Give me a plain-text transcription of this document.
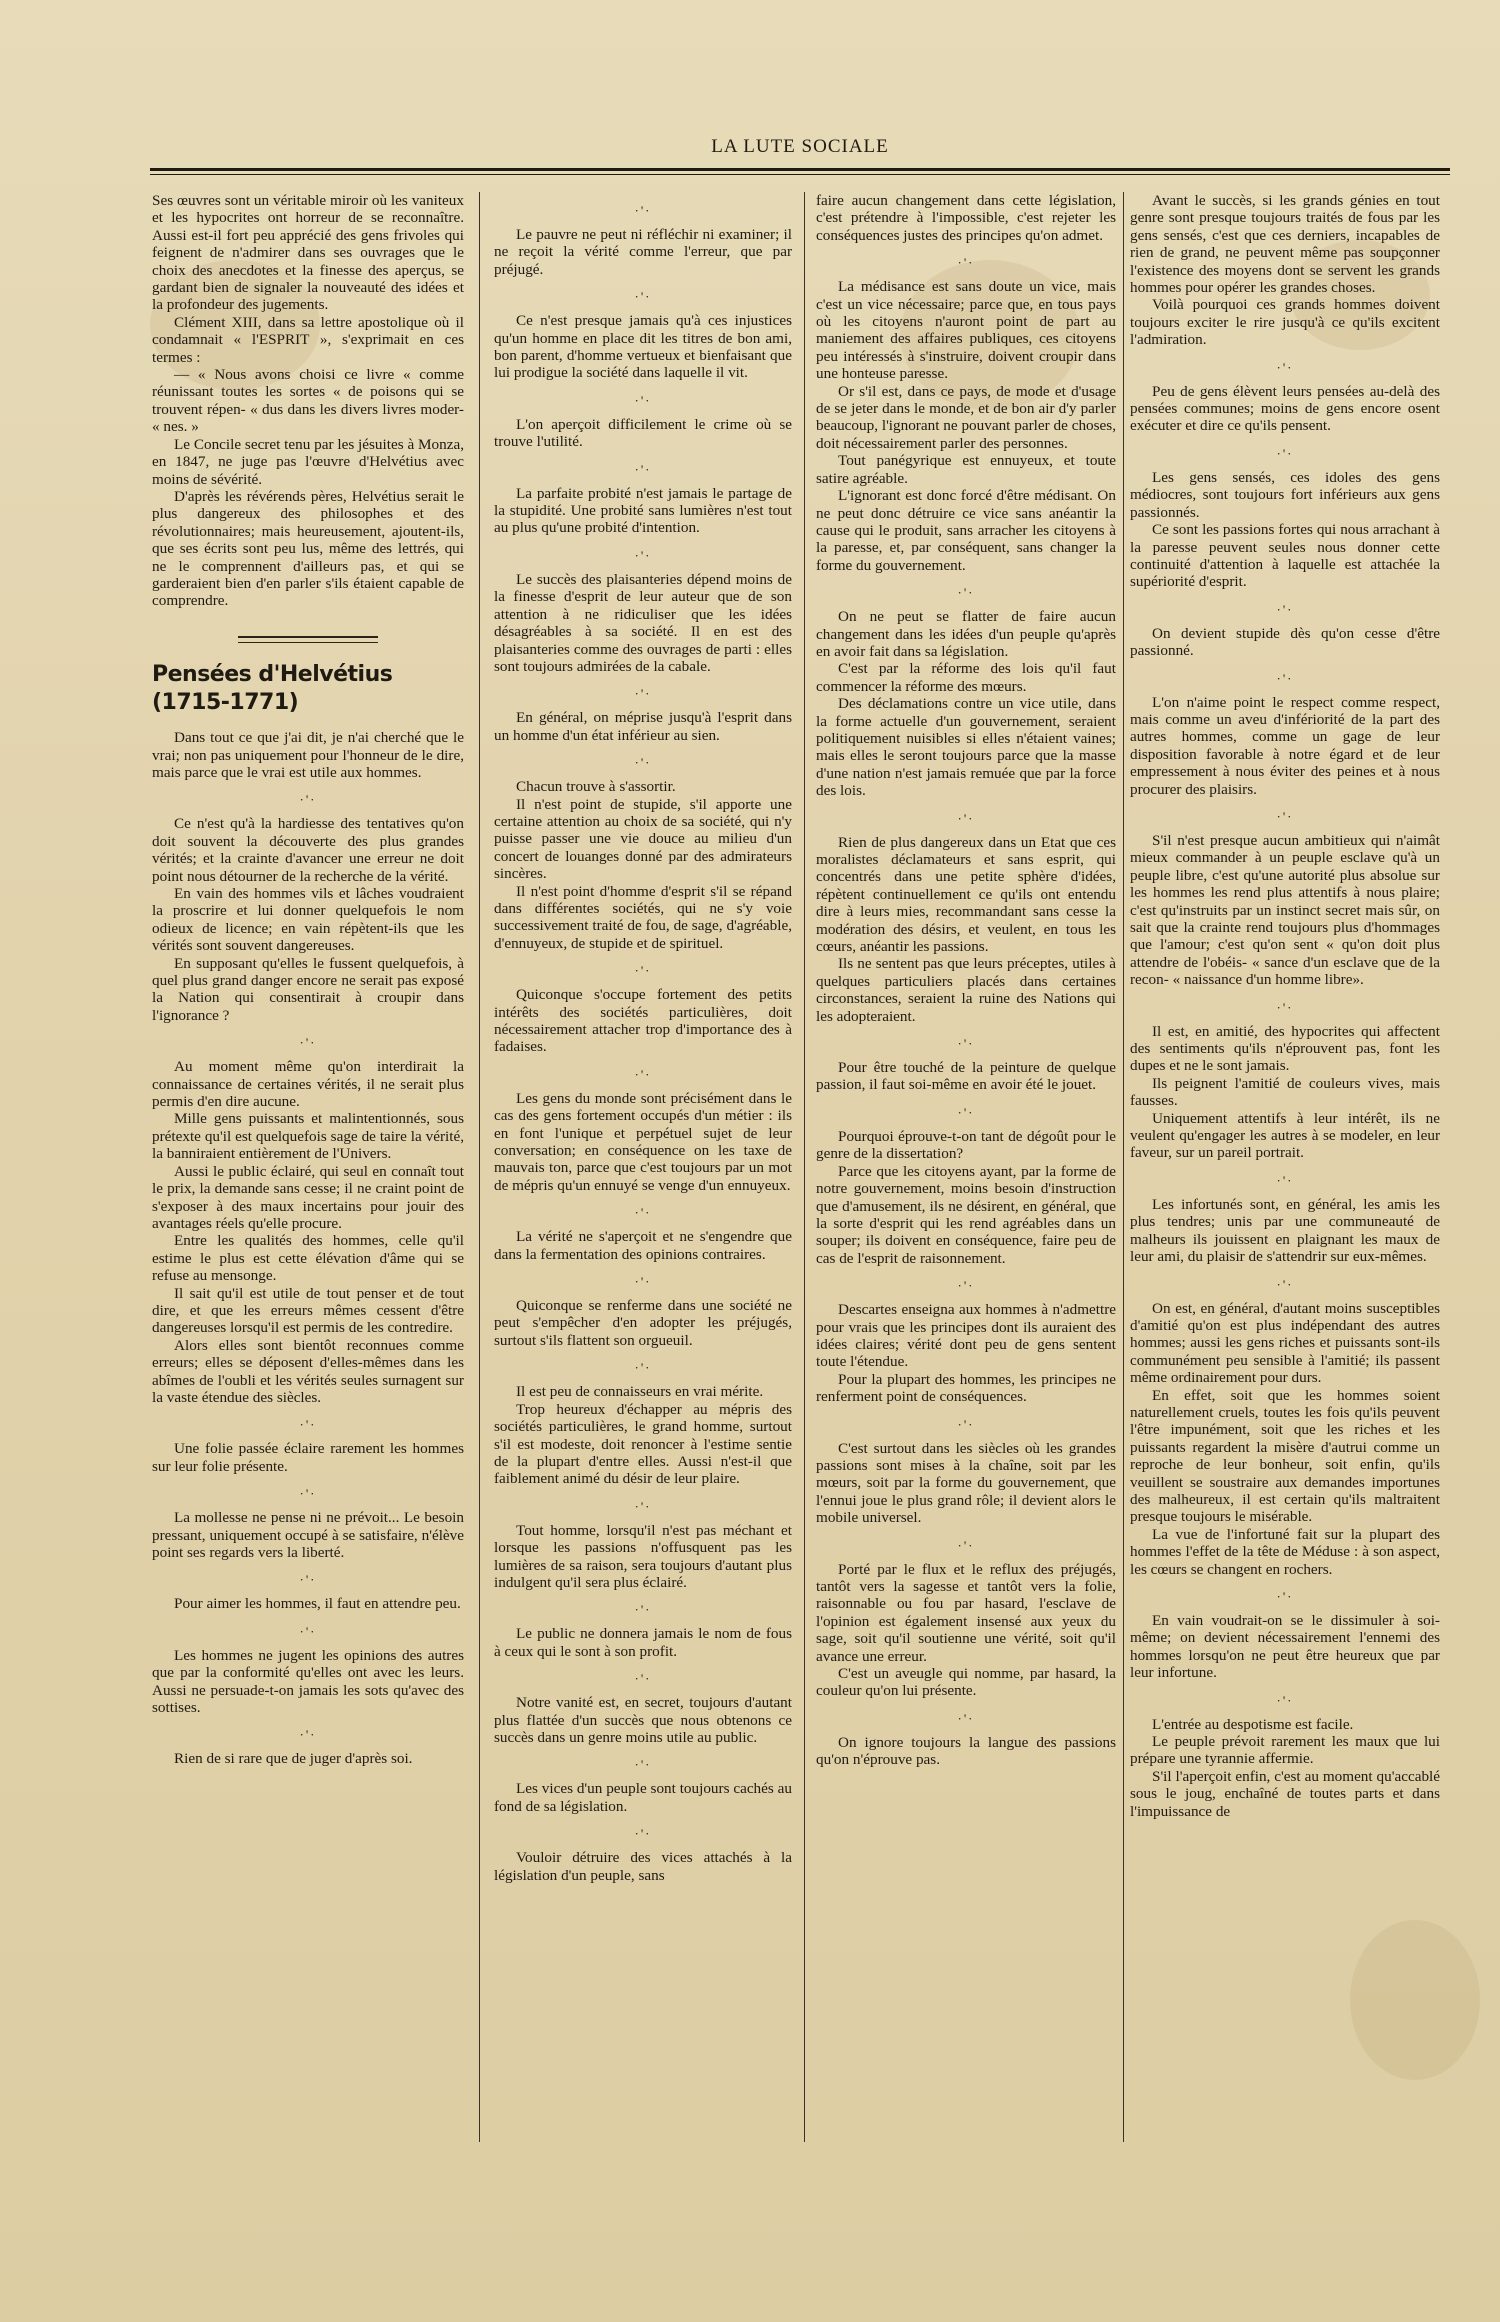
LA LUTE SOCIALE

Ses œuvres sont un véritable miroir où les vaniteux et les hypocrites ont horreur de se reconnaître. Aussi est-il fort peu apprécié des gens frivoles qui feignent de n'admirer dans ses ouvrages que le choix des anecdotes et la finesse des aperçus, se gardant bien de signaler la nouveauté des idées et la profondeur des jugements.

Clément XIII, dans sa lettre apostolique où il condamnait « l'ESPRIT », s'exprimait en ces termes :

— « Nous avons choisi ce livre « comme réunissant toutes les sortes « de poisons qui se trouvent répen- « dus dans les divers livres moder- « nes. »

Le Concile secret tenu par les jésuites à Monza, en 1847, ne juge pas l'œuvre d'Helvétius avec moins de sévérité.

D'après les révérends pères, Helvétius serait le plus dangereux des philosophes et des révolutionnaires; mais heureusement, ajoutent-ils, que ses écrits sont peu lus, même des lettrés, qui ne le comprennent d'ailleurs pas, et qui se garderaient bien d'en parler s'ils étaient capable de comprendre.

Pensées d'Helvétius (1715-1771)

Dans tout ce que j'ai dit, je n'ai cherché que le vrai; non pas uniquement pour l'honneur de le dire, mais parce que le vrai est utile aux hommes.

·'·

Ce n'est qu'à la hardiesse des tentatives qu'on doit souvent la découverte des plus grandes vérités; et la crainte d'avancer une erreur ne doit point nous détourner de la recherche de la vérité.

En vain des hommes vils et lâches voudraient la proscrire et lui donner quelquefois le nom odieux de licence; en vain répètent-ils que les vérités sont souvent dangereuses.

En supposant qu'elles le fussent quelquefois, à quel plus grand danger encore ne serait pas exposé la Nation qui consentirait à croupir dans l'ignorance ?

·'·

Au moment même qu'on interdirait la connaissance de certaines vérités, il ne serait plus permis d'en dire aucune.

Mille gens puissants et malintentionnés, sous prétexte qu'il est quelquefois sage de taire la vérité, la banniraient entièrement de l'Univers.

Aussi le public éclairé, qui seul en connaît tout le prix, la demande sans cesse; il ne craint point de s'exposer à des maux incertains pour jouir des avantages réels qu'elle procure.

Entre les qualités des hommes, celle qu'il estime le plus est cette élévation d'âme qui se refuse au mensonge.

Il sait qu'il est utile de tout penser et de tout dire, et que les erreurs mêmes cessent d'être dangereuses lorsqu'il est permis de les contredire.

Alors elles sont bientôt reconnues comme erreurs; elles se déposent d'elles-mêmes dans les abîmes de l'oubli et les vérités seules surnagent sur la vaste étendue des siècles.

·'·

Une folie passée éclaire rarement les hommes sur leur folie présente.

·'·

La mollesse ne pense ni ne prévoit... Le besoin pressant, uniquement occupé à se satisfaire, n'élève point ses regards vers la liberté.

·'·

Pour aimer les hommes, il faut en attendre peu.

·'·

Les hommes ne jugent les opinions des autres que par la conformité qu'elles ont avec les leurs. Aussi ne persuade-t-on jamais les sots qu'avec des sottises.

·'·

Rien de si rare que de juger d'après soi.

·'·

Le pauvre ne peut ni réfléchir ni examiner; il ne reçoit la vérité comme l'erreur, que par préjugé.

·'·

Ce n'est presque jamais qu'à ces injustices qu'un homme en place dit les titres de bon ami, bon parent, d'homme vertueux et bienfaisant que lui prodigue la société dans laquelle il vit.

·'·

L'on aperçoit difficilement le crime où se trouve l'utilité.

·'·

La parfaite probité n'est jamais le partage de la stupidité. Une probité sans lumières n'est tout au plus qu'une probité d'intention.

·'·

Le succès des plaisanteries dépend moins de la finesse d'esprit de leur auteur que de son attention à ne ridiculiser que les idées désagréables à sa société. Il en est des plaisanteries comme des ouvrages de parti : elles sont toujours admirées de la cabale.

·'·

En général, on méprise jusqu'à l'esprit dans un homme d'un état inférieur au sien.

·'·

Chacun trouve à s'assortir.

Il n'est point de stupide, s'il apporte une certaine attention au choix de sa société, qui n'y puisse passer une vie douce au milieu d'un concert de louanges donné par des admirateurs sincères.

Il n'est point d'homme d'esprit s'il se répand dans différentes sociétés, qui ne s'y voie successivement traité de fou, de sage, d'agréable, d'ennuyeux, de stupide et de spirituel.

·'·

Quiconque s'occupe fortement des petits intérêts des sociétés particulières, doit nécessairement attacher trop d'importance des à fadaises.

·'·

Les gens du monde sont précisément dans le cas des gens fortement occupés d'un métier : ils en font l'unique et perpétuel sujet de leur conversation; en conséquence on les taxe de mauvais ton, parce que c'est toujours par un mot de mépris qu'un ennuyé se venge d'un ennuyeux.

·'·

La vérité ne s'aperçoit et ne s'engendre que dans la fermentation des opinions contraires.

·'·

Quiconque se renferme dans une société ne peut s'empêcher d'en adopter les préjugés, surtout s'ils flattent son orgueuil.

·'·

Il est peu de connaisseurs en vrai mérite.

Trop heureux d'échapper au mépris des sociétés particulières, le grand homme, surtout s'il est modeste, doit renoncer à l'estime sentie de la plupart d'entre elles. Aussi n'est-il que faiblement animé du désir de leur plaire.

·'·

Tout homme, lorsqu'il n'est pas méchant et lorsque les passions n'offusquent pas les lumières de sa raison, sera toujours d'autant plus indulgent qu'il sera plus éclairé.

·'·

Le public ne donnera jamais le nom de fous à ceux qui le sont à son profit.

·'·

Notre vanité est, en secret, toujours d'autant plus flattée d'un succès que nous obtenons ce succès dans un genre moins utile au public.

·'·

Les vices d'un peuple sont toujours cachés au fond de sa législation.

·'·

Vouloir détruire des vices attachés à la législation d'un peuple, sans

faire aucun changement dans cette législation, c'est prétendre à l'impossible, c'est rejeter les conséquences justes des principes qu'on admet.

·'·

La médisance est sans doute un vice, mais c'est un vice nécessaire; parce que, en tous pays où les citoyens n'auront point de part au maniement des affaires publiques, ces citoyens peu intéressés à s'instruire, doivent croupir dans une honteuse paresse.

Or s'il est, dans ce pays, de mode et d'usage de se jeter dans le monde, et de bon air d'y parler beaucoup, l'ignorant ne pouvant parler de choses, doit nécessairement parler des personnes.

Tout panégyrique est ennuyeux, et toute satire agréable.

L'ignorant est donc forcé d'être médisant. On ne peut donc détruire ce vice sans anéantir la cause qui le produit, sans arracher les citoyens à la paresse, et, par conséquent, sans changer la forme du gouvernement.

·'·

On ne peut se flatter de faire aucun changement dans les idées d'un peuple qu'après en avoir fait dans sa législation.

C'est par la réforme des lois qu'il faut commencer la réforme des mœurs.

Des déclamations contre un vice utile, dans la forme actuelle d'un gouvernement, seraient politiquement nuisibles si elles n'étaient vaines; mais elles le seront toujours parce que la masse d'une nation n'est jamais remuée que par la force des lois.

·'·

Rien de plus dangereux dans un Etat que ces moralistes déclamateurs et sans esprit, qui concentrés dans une petite sphère d'idées, répètent continuellement ce qu'ils ont entendu dire à leurs mies, recommandant sans cesse la modération des désirs, et veulent, en tous les cœurs, anéantir les passions.

Ils ne sentent pas que leurs préceptes, utiles à quelques particuliers placés dans certaines circonstances, seraient la ruine des Nations qui les adopteraient.

·'·

Pour être touché de la peinture de quelque passion, il faut soi-même en avoir été le jouet.

·'·

Pourquoi éprouve-t-on tant de dégoût pour le genre de la dissertation?

Parce que les citoyens ayant, par la forme de notre gouvernement, moins besoin d'instruction que d'amusement, ils ne désirent, en général, que la sorte d'esprit qui les rend agréables dans un souper; ils doivent en conséquence, faire peu de cas de l'esprit de raisonnement.

·'·

Descartes enseigna aux hommes à n'admettre pour vrais que les principes dont ils auraient des idées claires; vérité dont peu de gens sentent toute l'étendue.

Pour la plupart des hommes, les principes ne renferment point de conséquences.

·'·

C'est surtout dans les siècles où les grandes passions sont mises à la chaîne, soit par les mœurs, soit par la forme du gouvernement, que l'ennui joue le plus grand rôle; il devient alors le mobile universel.

·'·

Porté par le flux et le reflux des préjugés, tantôt vers la sagesse et tantôt vers la folie, raisonnable ou fou par hasard, l'esclave de l'opinion est également insensé aux yeux du sage, soit qu'il soutienne une vérité, soit qu'il avance une erreur.

C'est un aveugle qui nomme, par hasard, la couleur qu'on lui présente.

·'·

On ignore toujours la langue des passions qu'on n'éprouve pas.

Avant le succès, si les grands génies en tout genre sont presque toujours traités de fous par les gens sensés, c'est que ces derniers, incapables de rien de grand, ne peuvent même pas soupçonner l'existence des moyens dont se servent les grands hommes pour opérer les grandes choses.

Voilà pourquoi ces grands hommes doivent toujours exciter le rire jusqu'à ce qu'ils excitent l'admiration.

·'·

Peu de gens élèvent leurs pensées au-delà des pensées communes; moins de gens encore osent exécuter et dire ce qu'ils pensent.

·'·

Les gens sensés, ces idoles des gens médiocres, sont toujours fort inférieurs aux gens passionnés.

Ce sont les passions fortes qui nous arrachant à la paresse peuvent seules nous donner cette continuité d'attention à laquelle est attachée la supériorité d'esprit.

·'·

On devient stupide dès qu'on cesse d'être passionné.

·'·

L'on n'aime point le respect comme respect, mais comme un aveu d'infériorité de la part des autres hommes, comme un gage de leur disposition favorable à notre égard et de leur empressement à nous éviter des peines et à nous procurer des plaisirs.

·'·

S'il n'est presque aucun ambitieux qui n'aimât mieux commander à un peuple esclave qu'à un peuple libre, c'est qu'une autorité plus absolue sur les hommes les rend plus attentifs à nous plaire; c'est qu'instruits par un instinct secret mais sûr, on sait que la crainte rend toujours plus d'hommages que l'amour; c'est qu'on sent « qu'on doit plus attendre de l'obéis- « sance d'un esclave que de la recon- « naissance d'un homme libre».

·'·

Il est, en amitié, des hypocrites qui affectent des sentiments qu'ils n'éprouvent pas, font les dupes et ne le sont jamais.

Ils peignent l'amitié de couleurs vives, mais fausses.

Uniquement attentifs à leur intérêt, ils ne veulent qu'engager les autres à se modeler, en leur faveur, sur un pareil portrait.

·'·

Les infortunés sont, en général, les amis les plus tendres; unis par une communeauté de malheurs ils jouissent en plaignant les maux de leur ami, du plaisir de s'attendrir sur eux-mêmes.

·'·

On est, en général, d'autant moins susceptibles d'amitié qu'on est plus indépendant des autres hommes; aussi les gens riches et puissants sont-ils communément peu sensible à l'amitié; ils passent même ordinairement pour durs.

En effet, soit que les hommes soient naturellement cruels, toutes les fois qu'ils peuvent l'être impunément, soit que les riches et les puissants regardent la misère d'autrui comme un reproche de leur bonheur, soit enfin, qu'ils veuillent se soustraire aux demandes importunes des malheureux, il est certain qu'ils maltraitent presque toujours le misérable.

La vue de l'infortuné fait sur la plupart des hommes l'effet de la tête de Méduse : à son aspect, les cœurs se changent en rochers.

·'·

En vain voudrait-on se le dissimuler à soi-même; on devient nécessairement l'ennemi des hommes lorsqu'on ne peut être heureux que par leur infortune.

·'·

L'entrée au despotisme est facile.

Le peuple prévoit rarement les maux que lui prépare une tyrannie affermie.

S'il l'aperçoit enfin, c'est au moment qu'accablé sous le joug, enchaîné de toutes parts et dans l'impuissance de
